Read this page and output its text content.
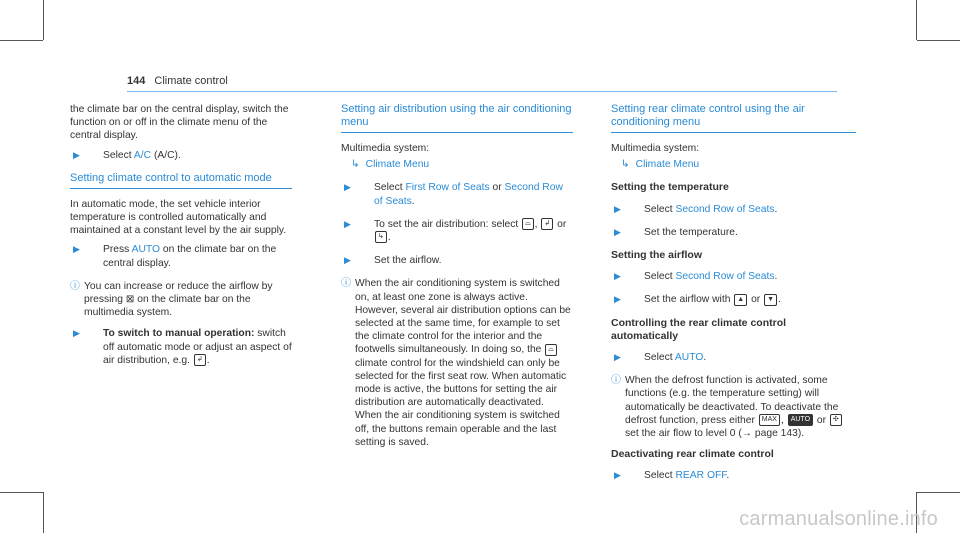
144 Climate control

the climate bar on the central display, switch the function on or off in the climate menu of the central display.

▶ Select A/C (A/C).
Setting climate control to automatic mode

In automatic mode, the set vehicle interior temperature is controlled automatically and maintained at a constant level by the air supply.

▶ Press AUTO on the climate bar on the central display.
ⓘ You can increase or reduce the airflow by pressing ⊠ on the climate bar on the multimedia system.
▶ To switch to manual operation: switch off automatic mode or adjust an aspect of air distribution, e.g. ↲ .
Setting air distribution using the air conditioning menu

Multimedia system:

↳ Climate Menu
▶ Select First Row of Seats or Second Row of Seats.
▶ To set the air distribution: select ⌓ , ↲ or ↳ .
▶ Set the airflow.
ⓘ When the air conditioning system is switched on, at least one zone is always active. However, several air distribution options can be selected at the same time, for example to set the climate control for the interior and the footwells simultaneously. In doing so, the ⌓ climate control for the windshield can only be selected for the first seat row. When automatic mode is active, the buttons for setting the air distribution are automatically deactivated. When the air conditioning system is switched off, the buttons remain operable and the last setting is saved.
Setting rear climate control using the air conditioning menu

Multimedia system:

↳ Climate Menu
Setting the temperature
▶ Select Second Row of Seats.
▶ Set the temperature.
Setting the airflow
▶ Select Second Row of Seats.
▶ Set the airflow with ▲ or ▼ .
Controlling the rear climate control automatically
▶ Select AUTO.
ⓘ When the defrost function is activated, some functions (e.g. the temperature setting) will automatically be deactivated. To deactivate the defrost function, press either MAX , AUTO or ✣ set the air flow to level 0 (→ page 143).
Deactivating rear climate control
▶ Select REAR OFF.
carmanualsonline.info
